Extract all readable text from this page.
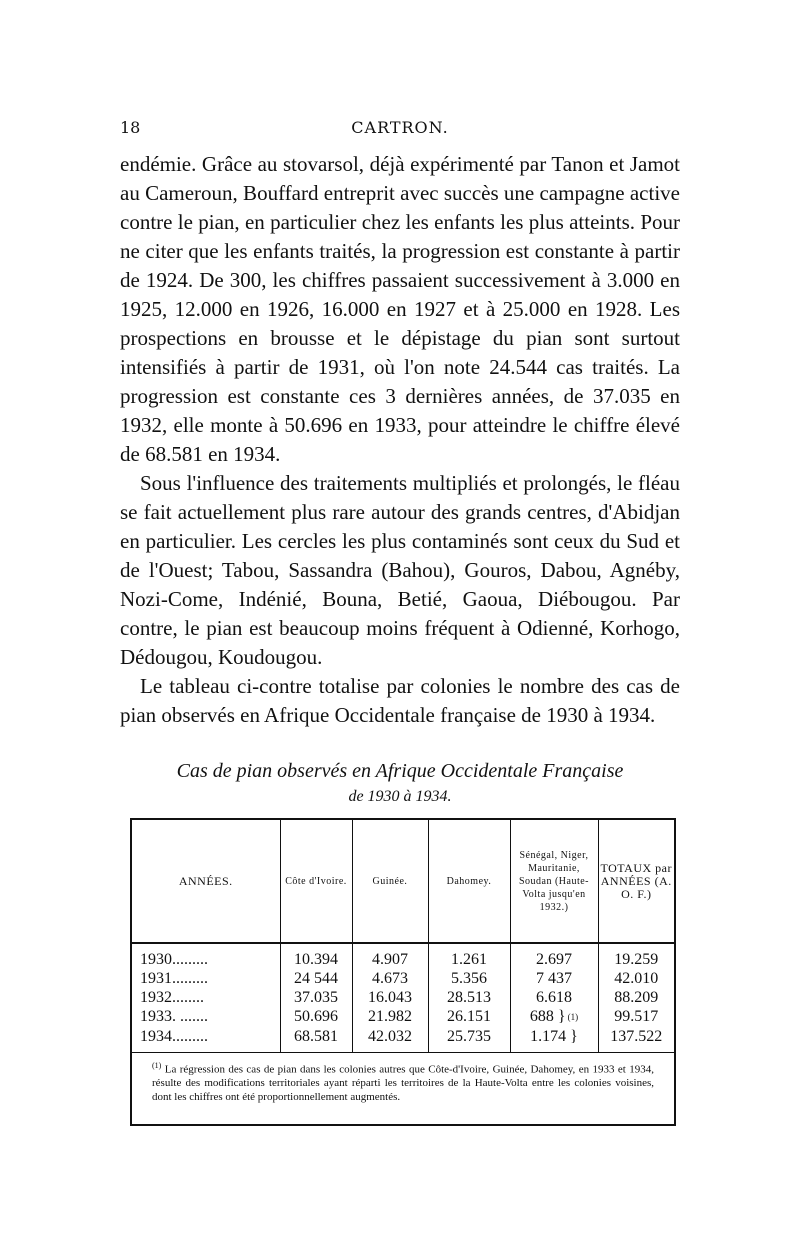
18	CARTRON.

endémie. Grâce au stovarsol, déjà expérimenté par Tanon et Jamot au Cameroun, Bouffard entreprit avec succès une campagne active contre le pian, en particulier chez les enfants les plus atteints. Pour ne citer que les enfants traités, la progression est constante à partir de 1924. De 300, les chiffres passaient successivement à 3.000 en 1925, 12.000 en 1926, 16.000 en 1927 et à 25.000 en 1928. Les prospections en brousse et le dépistage du pian sont surtout intensifiés à partir de 1931, où l'on note 24.544 cas traités. La progression est constante ces 3 dernières années, de 37.035 en 1932, elle monte à 50.696 en 1933, pour atteindre le chiffre élevé de 68.581 en 1934.

Sous l'influence des traitements multipliés et prolongés, le fléau se fait actuellement plus rare autour des grands centres, d'Abidjan en particulier. Les cercles les plus contaminés sont ceux du Sud et de l'Ouest; Tabou, Sassandra (Bahou), Gouros, Dabou, Agnéby, Nozi-Come, Indénié, Bouna, Betié, Gaoua, Diébougou. Par contre, le pian est beaucoup moins fréquent à Odienné, Korhogo, Dédougou, Koudougou.

Le tableau ci-contre totalise par colonies le nombre des cas de pian observés en Afrique Occidentale française de 1930 à 1934.

Cas de pian observés en Afrique Occidentale Française
de 1930 à 1934.
ANNÉES.	Côte d'Ivoire.	Guinée.	Dahomey.	Sénégal, Niger, Mauritanie, Soudan (Haute-Volta jusqu'en 1932.)	TOTAUX par ANNÉES (A. O. F.)
1930.........	10.394	4.907	1.261	2.697	19.259
1931.........	24 544	4.673	5.356	7 437	42.010
1932........	37.035	16.043	28.513	6.618	88.209
1933. .......	50.696	21.982	26.151	688 } (1)	99.517
1934.........	68.581	42.032	25.735	1.174 }	137.522
$^{(1)}$ La régression des cas de pian dans les colonies autres que Côte-d'Ivoire, Guinée, Dahomey, en 1933 et 1934, résulte des modifications territoriales ayant réparti les territoires de la Haute-Volta entre les colonies voisines, dont les chiffres ont été proportionnellement augmentés.
